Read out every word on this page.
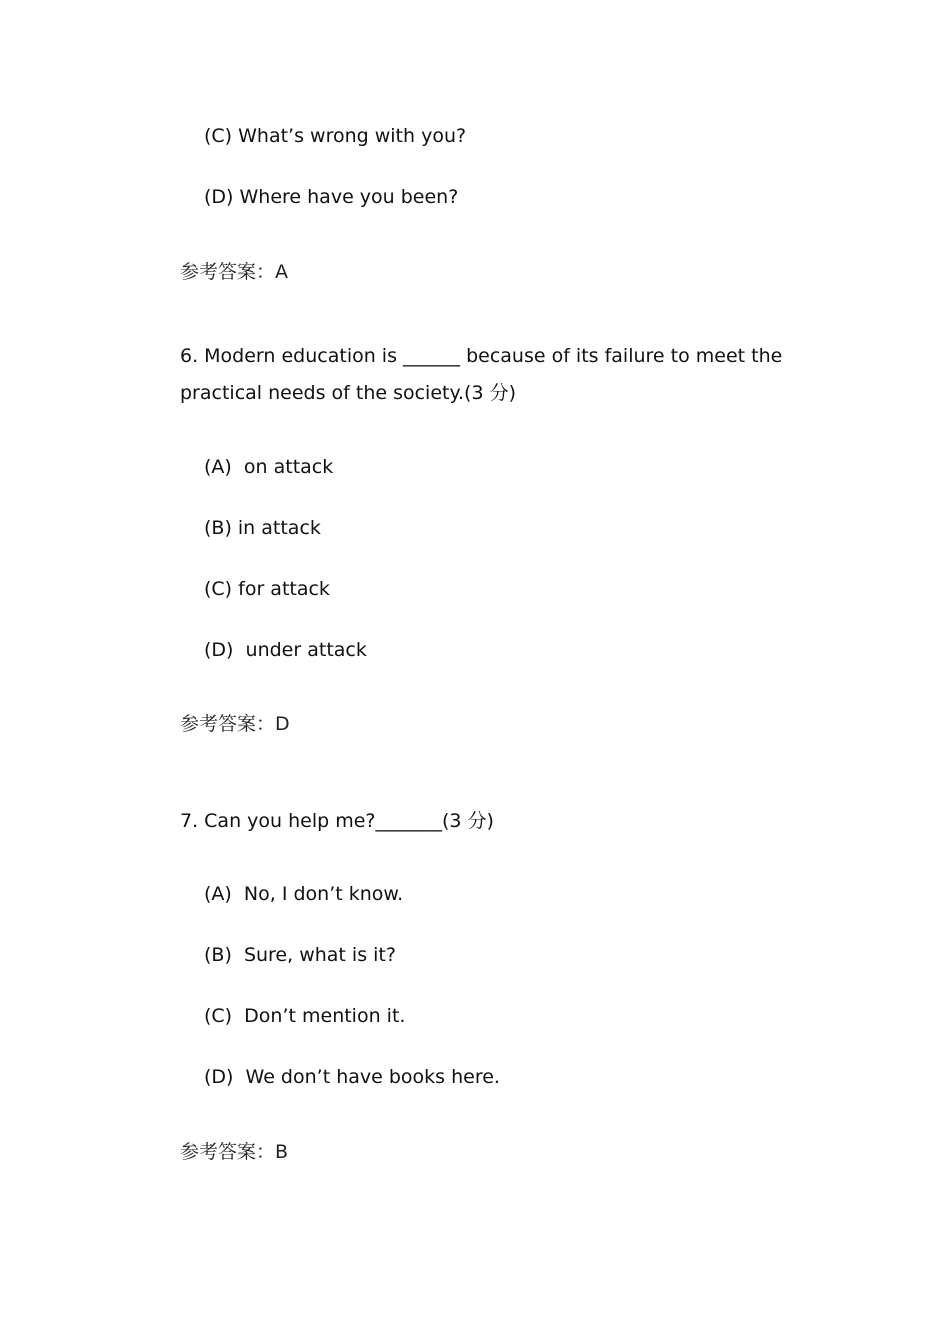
(C) What’s wrong with you?
(D) Where have you been?
参考答案：A
6. Modern education is ______ because of its failure to meet the
practical needs of the society.(3 分)
(A)  on attack
(B) in attack
(C) for attack
(D)  under attack
参考答案：D
7. Can you help me?_______(3 分)
(A)  No, I don’t know.
(B)  Sure, what is it?
(C)  Don’t mention it.
(D)  We don’t have books here.
参考答案：B
